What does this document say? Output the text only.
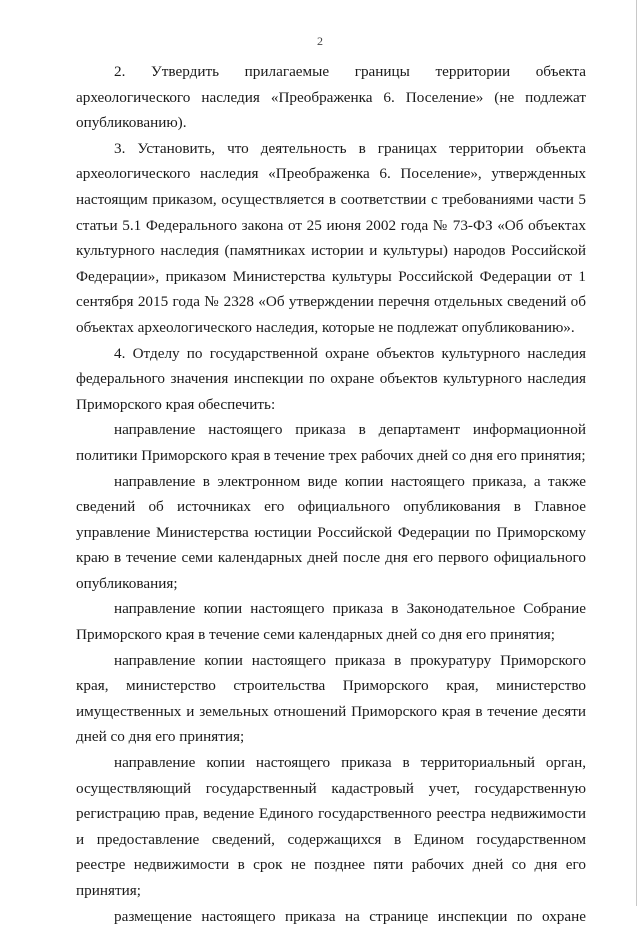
2

2. Утвердить прилагаемые границы территории объекта археологического наследия «Преображенка 6. Поселение» (не подлежат опубликованию).

3. Установить, что деятельность в границах территории объекта археологического наследия «Преображенка 6. Поселение», утвержденных настоящим приказом, осуществляется в соответствии с требованиями части 5 статьи 5.1 Федерального закона от 25 июня 2002 года № 73-ФЗ «Об объектах культурного наследия (памятниках истории и культуры) народов Российской Федерации», приказом Министерства культуры Российской Федерации от 1 сентября 2015 года № 2328 «Об утверждении перечня отдельных сведений об объектах археологического наследия, которые не подлежат опубликованию».

4. Отделу по государственной охране объектов культурного наследия федерального значения инспекции по охране объектов культурного наследия Приморского края обеспечить:

направление настоящего приказа в департамент информационной политики Приморского края в течение трех рабочих дней со дня его принятия;

направление в электронном виде копии настоящего приказа, а также сведений об источниках его официального опубликования в Главное управление Министерства юстиции Российской Федерации по Приморскому краю в течение семи календарных дней после дня его первого официального опубликования;

направление копии настоящего приказа в Законодательное Собрание Приморского края в течение семи календарных дней со дня его принятия;

направление копии настоящего приказа в прокуратуру Приморского края, министерство строительства Приморского края, министерство имущественных и земельных отношений Приморского края в течение десяти дней со дня его принятия;

направление копии настоящего приказа в территориальный орган, осуществляющий государственный кадастровый учет, государственную регистрацию прав, ведение Единого государственного реестра недвижимости и предоставление сведений, содержащихся в Едином государственном реестре недвижимости в срок не позднее пяти рабочих дней со дня его принятия;

размещение настоящего приказа на странице инспекции по охране
